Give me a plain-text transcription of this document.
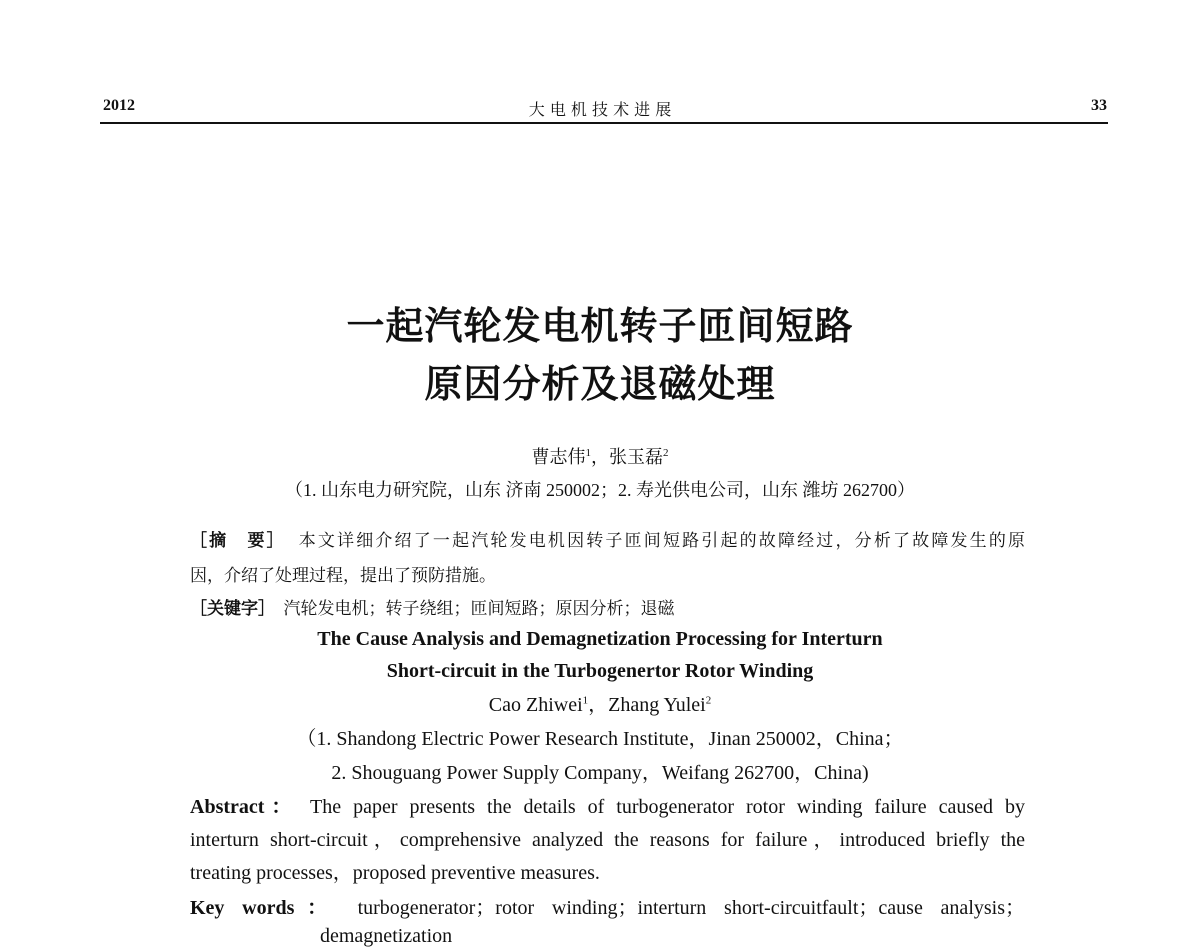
2012	大 电 机 技 术 进 展	33
一起汽轮发电机转子匝间短路
原因分析及退磁处理
曹志伟$^1$，张玉磊$^2$
（1. 山东电力研究院，山东 济南 250002；2. 寿光供电公司，山东 潍坊 262700）
［摘　要］ 本文详细介绍了一起汽轮发电机因转子匝间短路引起的故障经过，分析了故障发生的原
因，介绍了处理过程，提出了预防措施。
［关键字］ 汽轮发电机；转子绕组；匝间短路；原因分析；退磁
The Cause Analysis and Demagnetization Processing for Interturn
Short-circuit in the Turbogenertor Rotor Winding
Cao Zhiwei$^1$，Zhang Yulei$^2$
（1. Shandong Electric Power Research Institute，Jinan 250002，China；
2. Shouguang Power Supply Company，Weifang 262700，China)
Abstract： The paper presents the details of turbogenerator rotor winding failure caused by
interturn short-circuit，comprehensive analyzed the reasons for failure，introduced briefly the
treating processes，proposed preventive measures.
Key words： turbogenerator；rotor winding；interturn short-circuitfault；cause analysis；
demagnetization
